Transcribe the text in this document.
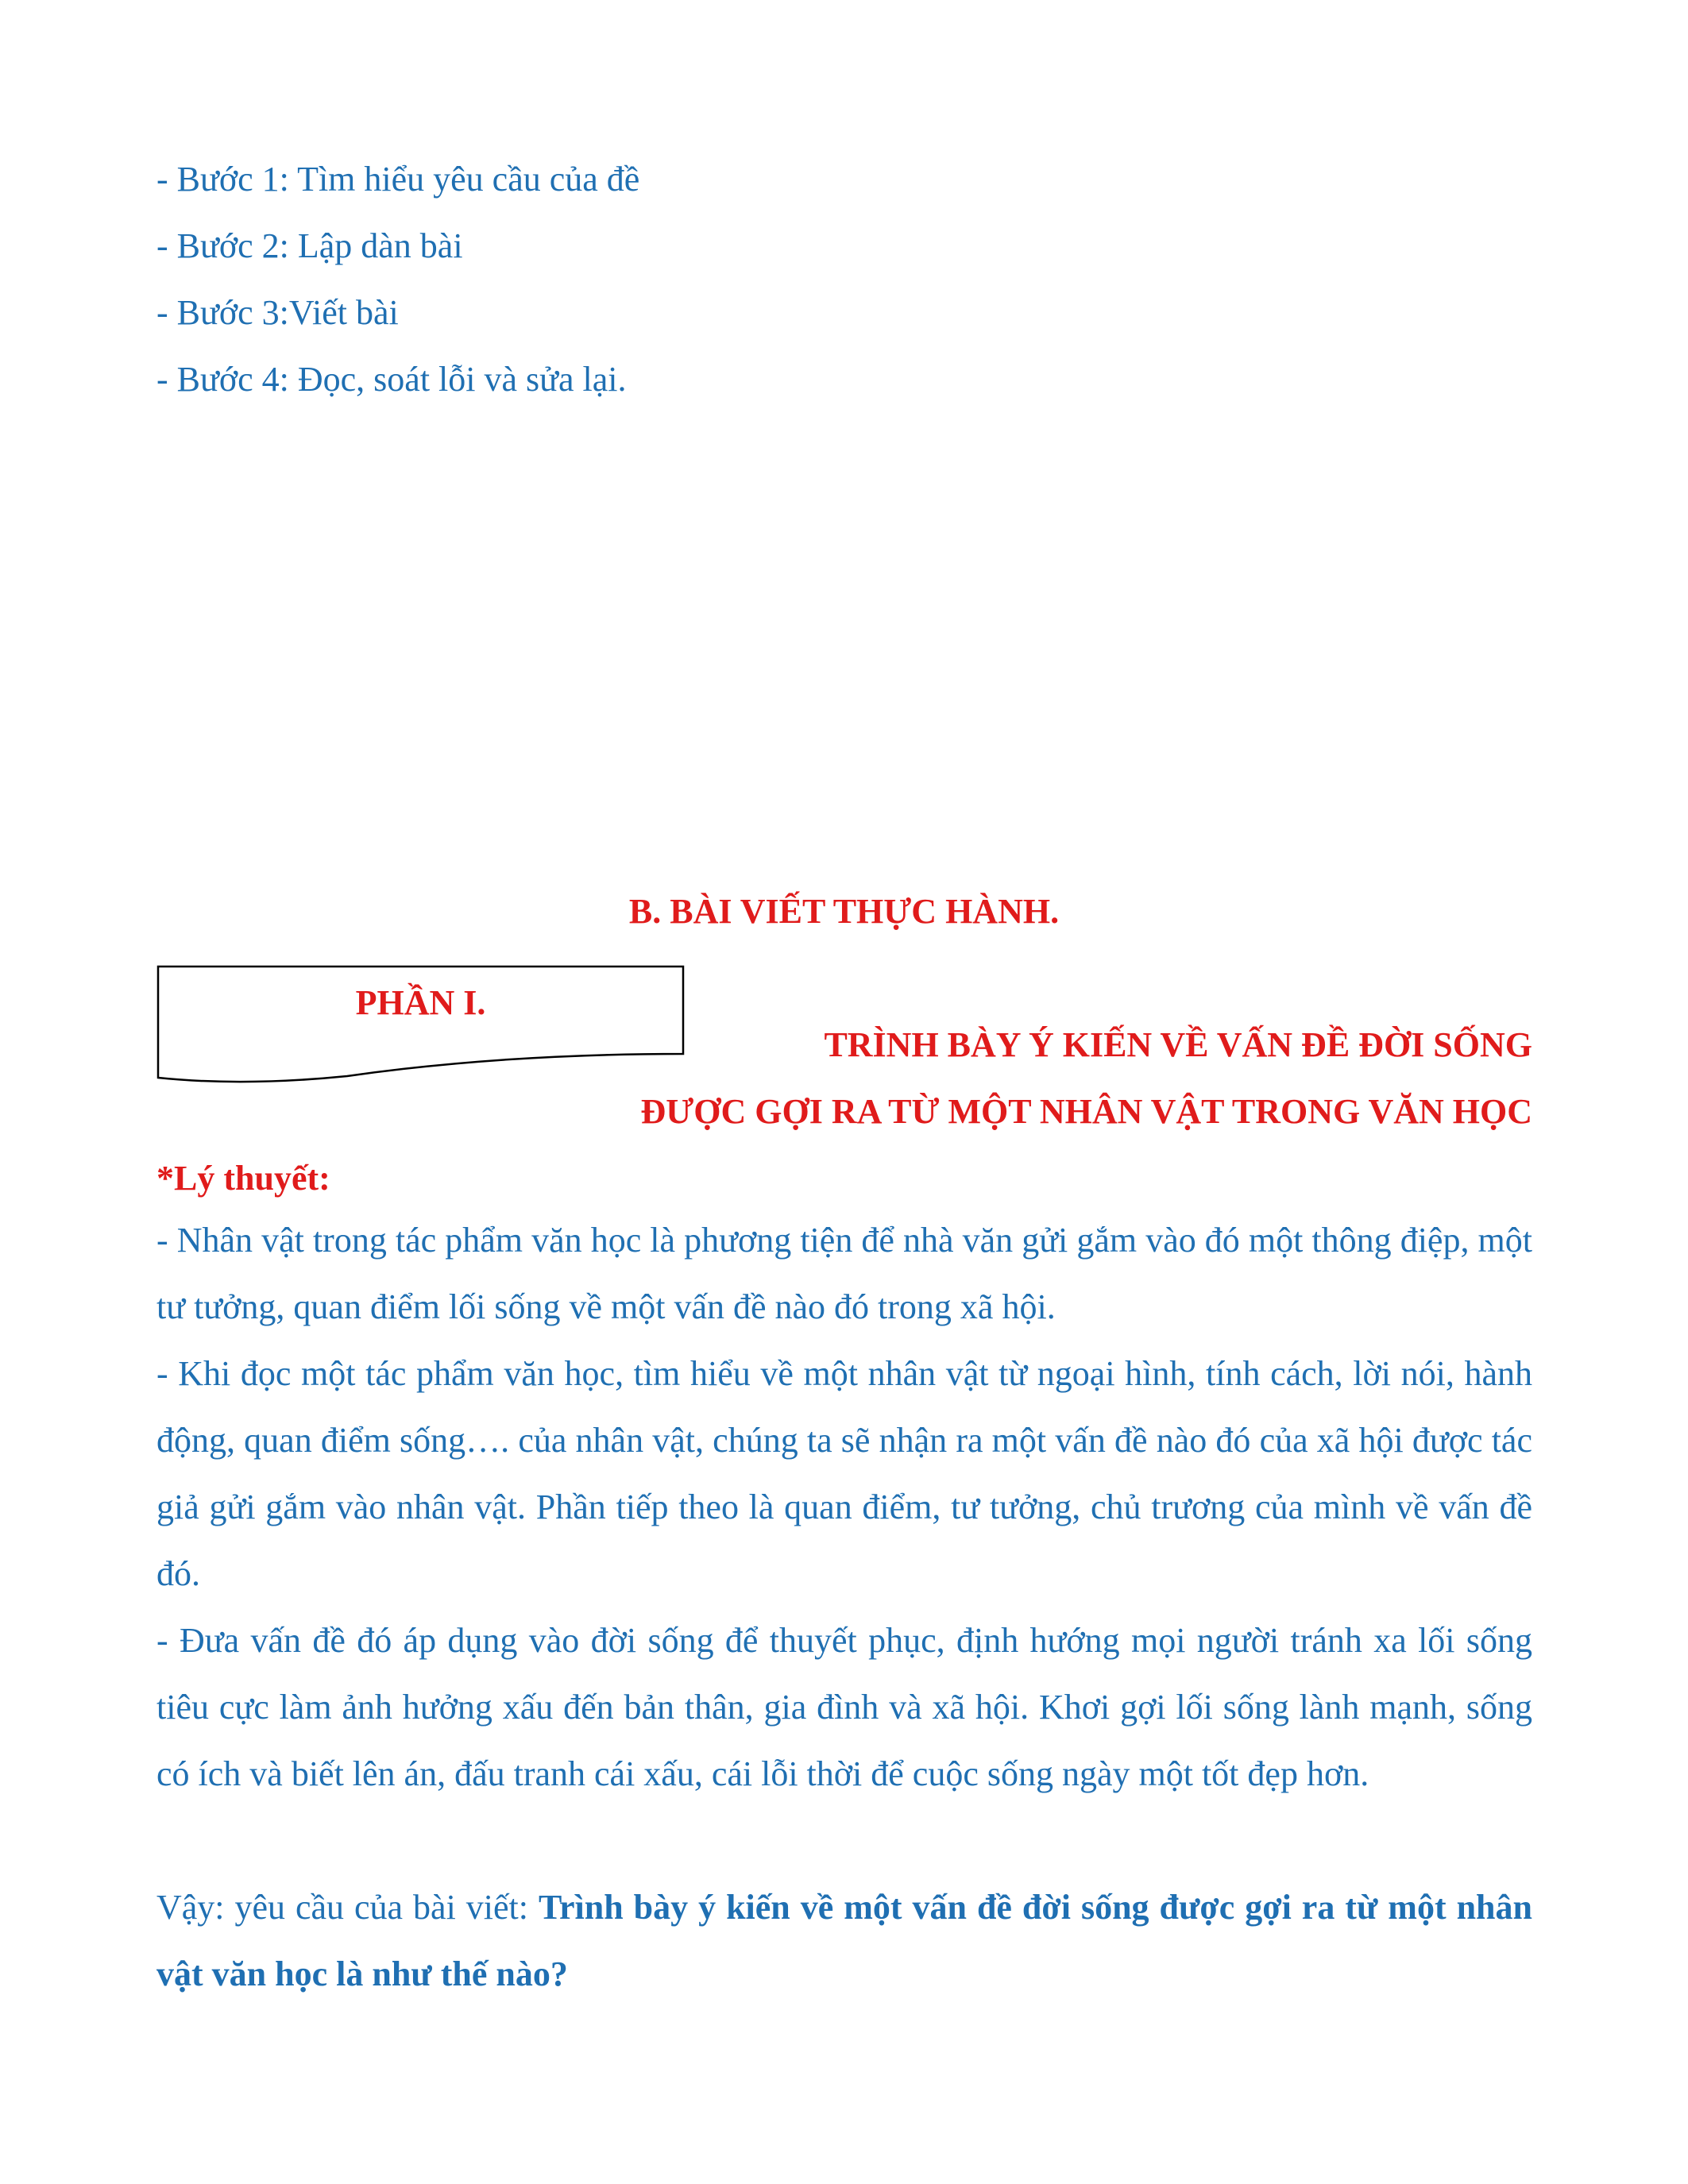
- Bước 1: Tìm hiểu yêu cầu của đề
- Bước 2: Lập dàn bài
- Bước 3:Viết bài
- Bước 4: Đọc, soát lỗi và sửa lại.
B. BÀI VIẾT THỰC HÀNH.
PHẦN I.
TRÌNH BÀY Ý KIẾN VỀ VẤN ĐỀ ĐỜI SỐNG
ĐƯỢC GỢI RA TỪ MỘT NHÂN VẬT TRONG VĂN HỌC
*Lý thuyết:
- Nhân vật trong tác phẩm văn học là phương tiện để nhà văn gửi gắm vào đó một thông điệp, một tư tưởng, quan điểm lối sống về một vấn đề nào đó trong xã hội.
- Khi đọc một tác phẩm văn học, tìm hiểu về một nhân vật từ ngoại hình, tính cách, lời nói, hành động, quan điểm sống…. của nhân vật, chúng ta sẽ nhận ra một vấn đề nào đó của xã hội được tác giả gửi gắm vào nhân vật. Phần tiếp theo là quan điểm, tư tưởng, chủ trương của mình về vấn đề đó.
- Đưa vấn đề đó áp dụng vào đời sống để thuyết phục, định hướng mọi người tránh xa lối sống tiêu cực làm ảnh hưởng xấu đến bản thân, gia đình và xã hội. Khơi gợi lối sống lành mạnh, sống có ích và biết lên án, đấu tranh cái xấu, cái lỗi thời để cuộc sống ngày một tốt đẹp hơn.
Vậy: yêu cầu của bài viết: Trình bày ý kiến về một vấn đề đời sống được gợi ra từ một nhân vật văn học là như thế nào?
